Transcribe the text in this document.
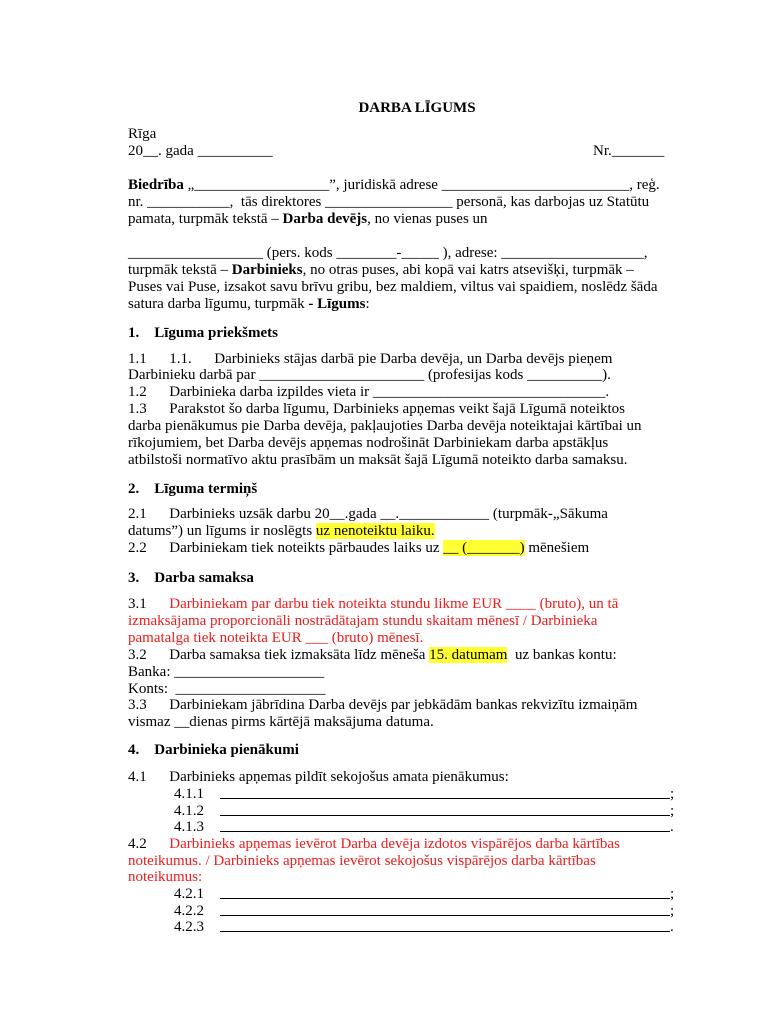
DARBA LĪGUMS
Rīga
20__. gada __________	Nr._______
Biedrība „__________________”, juridiskā adrese _________________________, reģ.
nr. ___________,  tās direktores _________________ personā, kas darbojas uz Statūtu
pamata, turpmāk tekstā – Darba devējs, no vienas puses un
__________________ (pers. kods ________-_____ ), adrese: ___________________,
turpmāk tekstā – Darbinieks, no otras puses, abi kopā vai katrs atsevišķi, turpmāk –
Puses vai Puse, izsakot savu brīvu gribu, bez maldiem, viltus vai spaidiem, noslēdz šāda
satura darba līgumu, turpmāk - Līgums:
1.    Līguma priekšmets
1.1      1.1.      Darbinieks stājas darbā pie Darba devēja, un Darba devējs pieņem
Darbinieku darbā par ______________________ (profesijas kods __________).
1.2      Darbinieka darba izpildes vieta ir _______________________________.
1.3      Parakstot šo darba līgumu, Darbinieks apņemas veikt šajā Līgumā noteiktos
darba pienākumus pie Darba devēja, pakļaujoties Darba devēja noteiktajai kārtībai un
rīkojumiem, bet Darba devējs apņemas nodrošināt Darbiniekam darba apstākļus
atbilstoši normatīvo aktu prasībām un maksāt šajā Līgumā noteikto darba samaksu.
2.    Līguma termiņš
2.1      Darbinieks uzsāk darbu 20__.gada __.____________ (turpmāk-„Sākuma
datums”) un līgums ir noslēgts uz nenoteiktu laiku.
2.2      Darbiniekam tiek noteikts pārbaudes laiks uz __ (_______) mēnešiem
3.    Darba samaksa
3.1      Darbiniekam par darbu tiek noteikta stundu likme EUR ____ (bruto), un tā
izmaksājama proporcionāli nostrādātajam stundu skaitam mēnesī / Darbinieka
pamatalga tiek noteikta EUR ___ (bruto) mēnesī.
3.2      Darba samaksa tiek izmaksāta līdz mēneša 15. datumam  uz bankas kontu:
Banka: ____________________
Konts:  ____________________
3.3      Darbiniekam jābrīdina Darba devējs par jebkādām bankas rekvizītu izmaiņām
vismaz __dienas pirms kārtējā maksājuma datuma.
4.    Darbinieka pienākumi
4.1      Darbinieks apņemas pildīt sekojošus amata pienākumus:
4.1.1	;
4.1.2	;
4.1.3	.
4.2      Darbinieks apņemas ievērot Darba devēja izdotos vispārējos darba kārtības
noteikumus. / Darbinieks apņemas ievērot sekojošus vispārējos darba kārtības
noteikumus:
4.2.1	;
4.2.2	;
4.2.3	.
